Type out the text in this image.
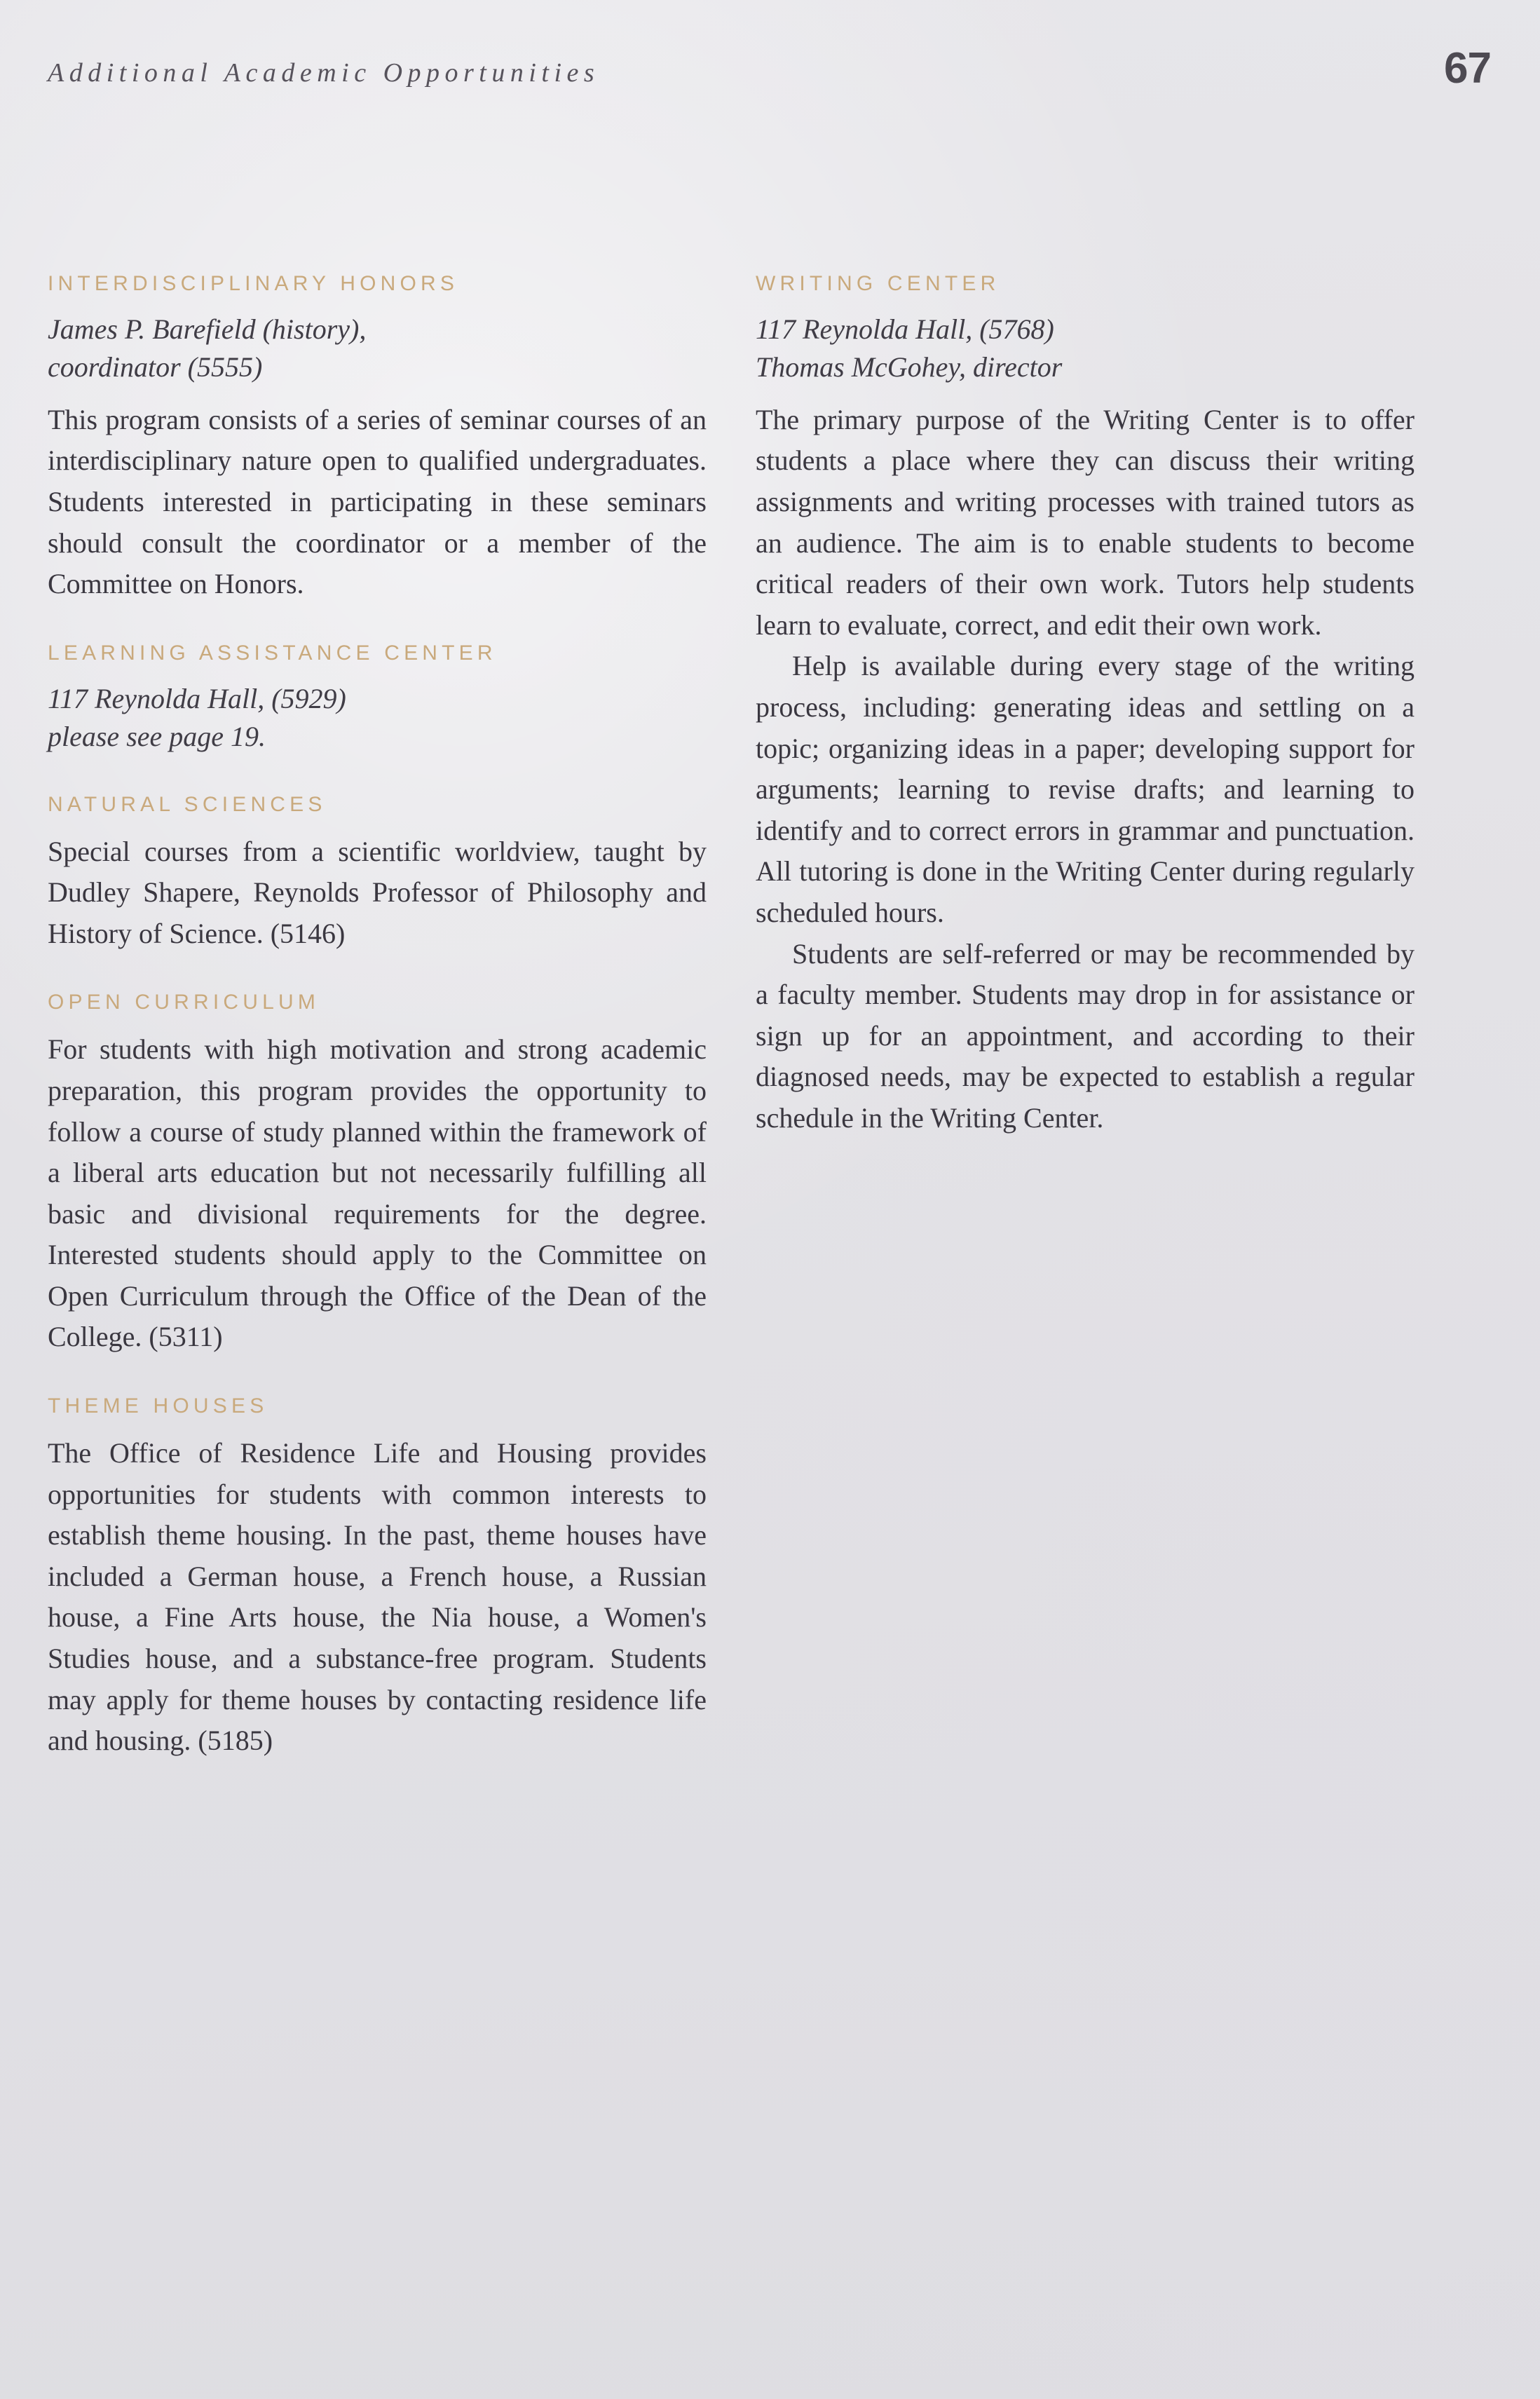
Additional Academic Opportunities	67
INTERDISCIPLINARY HONORS

James P. Barefield (history),
coordinator (5555)

This program consists of a series of seminar courses of an interdisciplinary nature open to qualified undergraduates. Students interested in participating in these seminars should consult the coordinator or a member of the Committee on Honors.

LEARNING ASSISTANCE CENTER

117 Reynolda Hall, (5929)
please see page 19.

NATURAL SCIENCES

Special courses from a scientific worldview, taught by Dudley Shapere, Reynolds Professor of Philosophy and History of Science. (5146)

OPEN CURRICULUM

For students with high motivation and strong academic preparation, this program provides the opportunity to follow a course of study planned within the framework of a liberal arts education but not necessarily fulfilling all basic and divisional requirements for the degree. Interested students should apply to the Committee on Open Curriculum through the Office of the Dean of the College. (5311)

THEME HOUSES

The Office of Residence Life and Housing provides opportunities for students with common interests to establish theme housing. In the past, theme houses have included a German house, a French house, a Russian house, a Fine Arts house, the Nia house, a Women's Studies house, and a substance-free program. Students may apply for theme houses by contacting residence life and housing. (5185)

WRITING CENTER

117 Reynolda Hall, (5768)
Thomas McGohey, director

The primary purpose of the Writing Center is to offer students a place where they can discuss their writing assignments and writing processes with trained tutors as an audience. The aim is to enable students to become critical readers of their own work. Tutors help students learn to evaluate, correct, and edit their own work.

Help is available during every stage of the writing process, including: generating ideas and settling on a topic; organizing ideas in a paper; developing support for arguments; learning to revise drafts; and learning to identify and to correct errors in grammar and punctuation. All tutoring is done in the Writing Center during regularly scheduled hours.

Students are self-referred or may be recommended by a faculty member. Students may drop in for assistance or sign up for an appointment, and according to their diagnosed needs, may be expected to establish a regular schedule in the Writing Center.
